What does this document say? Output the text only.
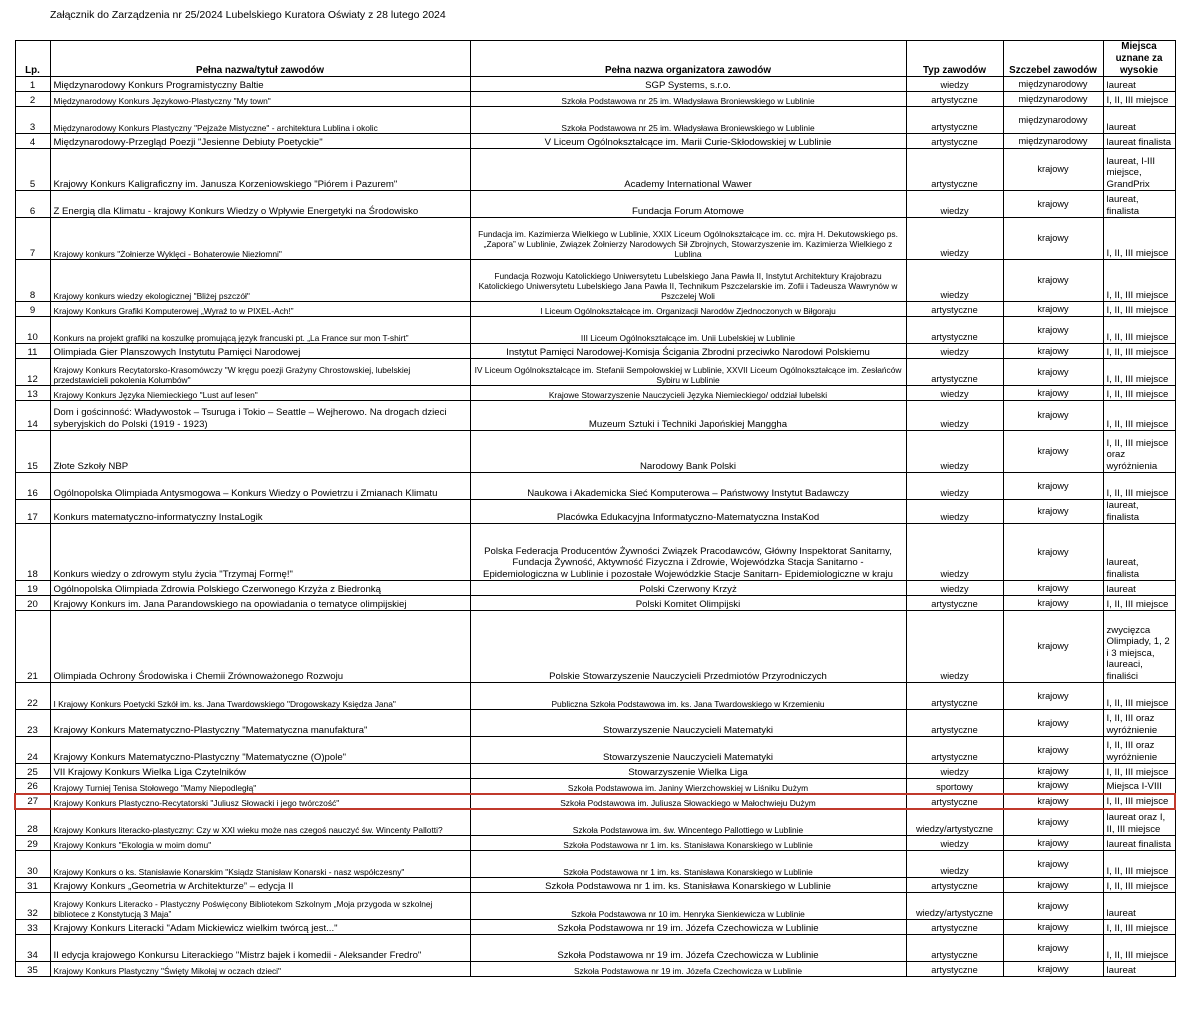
Załącznik do Zarządzenia nr 25/2024 Lubelskiego Kuratora Oświaty z 28 lutego 2024
Lp.	Pełna nazwa/tytuł zawodów	Pełna nazwa organizatora zawodów	Typ zawodów	Szczebel zawodów	Miejsca uznane za wysokie
1	Międzynarodowy Konkurs Programistyczny Baltie	SGP Systems, s.r.o.	wiedzy	międzynarodowy	laureat
2	Międzynarodowy Konkurs Językowo-Plastyczny "My town"	Szkoła Podstawowa nr 25 im. Władysława Broniewskiego w Lublinie	artystyczne	międzynarodowy	I, II, III miejsce
3	Międzynarodowy Konkurs Plastyczny "Pejzaże Mistyczne" - architektura Lublina i okolic	Szkoła Podstawowa nr 25 im. Władysława Broniewskiego w Lublinie	artystyczne	międzynarodowy	laureat
4	Międzynarodowy-Przegląd Poezji "Jesienne Debiuty Poetyckie"	V Liceum Ogólnokształcące im. Marii Curie-Skłodowskiej w Lublinie	artystyczne	międzynarodowy	laureat finalista
5	Krajowy Konkurs Kaligraficzny im. Janusza Korzeniowskiego "Piórem i Pazurem"	Academy International Wawer	artystyczne	krajowy	laureat, I-III miejsce, GrandPrix
6	Z Energią dla Klimatu - krajowy Konkurs Wiedzy o Wpływie Energetyki na Środowisko	Fundacja Forum Atomowe	wiedzy	krajowy	laureat, finalista
7	Krajowy konkurs "Żołnierze Wyklęci - Bohaterowie Niezłomni"	Fundacja im. Kazimierza Wielkiego w Lublinie, XXIX Liceum Ogólnokształcące im. cc. mjra H. Dekutowskiego ps. „Zapora” w Lublinie, Związek Żołnierzy Narodowych Sił Zbrojnych, Stowarzyszenie im. Kazimierza Wielkiego z Lublina	wiedzy	krajowy	I, II, III miejsce
8	Krajowy konkurs wiedzy ekologicznej "Bliżej pszczół"	Fundacja Rozwoju Katolickiego Uniwersytetu Lubelskiego Jana Pawła II, Instytut Architektury Krajobrazu Katolickiego Uniwersytetu Lubelskiego Jana Pawła II, Technikum Pszczelarskie im. Zofii i Tadeusza Wawrynów w Pszczelej Woli	wiedzy	krajowy	I, II, III miejsce
9	Krajowy Konkurs Grafiki Komputerowej „Wyraź to w PIXEL-Ach!”	I Liceum Ogólnokształcące im. Organizacji Narodów Zjednoczonych w Biłgoraju	artystyczne	krajowy	I, II, III miejsce
10	Konkurs na projekt grafiki na koszulkę promującą język francuski pt. „La France sur mon T-shirt”	III Liceum Ogólnokształcące im. Unii Lubelskiej w Lublinie	artystyczne	krajowy	I, II, III miejsce
11	Olimpiada Gier Planszowych Instytutu Pamięci Narodowej	Instytut Pamięci Narodowej-Komisja Ścigania Zbrodni przeciwko Narodowi Polskiemu	wiedzy	krajowy	I, II, III miejsce
12	Krajowy Konkurs Recytatorsko-Krasomówczy "W kręgu poezji Grażyny Chrostowskiej, lubelskiej przedstawicieli pokolenia Kolumbów"	IV Liceum Ogólnokształcące im. Stefanii Sempołowskiej w Lublinie, XXVII Liceum Ogólnokształcące im. Zesłańców Sybiru w Lublinie	artystyczne	krajowy	I, II, III miejsce
13	Krajowy Konkurs Języka Niemieckiego "Lust auf lesen"	Krajowe Stowarzyszenie Nauczycieli Języka Niemieckiego/ oddział lubelski	wiedzy	krajowy	I, II, III miejsce
14	Dom i gościnność: Władywostok – Tsuruga i Tokio – Seattle – Wejherowo. Na drogach dzieci syberyjskich do Polski (1919 - 1923)	Muzeum Sztuki i Techniki Japońskiej Manggha	wiedzy	krajowy	I, II, III miejsce
15	Złote Szkoły NBP	Narodowy Bank Polski	wiedzy	krajowy	I, II, III miejsce oraz wyróżnienia
16	Ogólnopolska Olimpiada Antysmogowa – Konkurs Wiedzy o Powietrzu i Zmianach Klimatu	Naukowa i Akademicka Sieć Komputerowa – Państwowy Instytut Badawczy	wiedzy	krajowy	I, II, III miejsce
17	Konkurs matematyczno-informatyczny InstaLogik	Placówka Edukacyjna Informatyczno-Matematyczna InstaKod	wiedzy	krajowy	laureat, finalista
18	Konkurs wiedzy o zdrowym stylu życia "Trzymaj Formę!"	Polska Federacja Producentów Żywności Związek Pracodawców, Główny Inspektorat Sanitarny, Fundacja Żywność, Aktywność Fizyczna i Zdrowie, Wojewódzka Stacja Sanitarno - Epidemiologiczna w Lublinie i pozostałe Wojewódzkie Stacje Sanitarn- Epidemiologiczne w kraju	wiedzy	krajowy	laureat, finalista
19	Ogólnopolska Olimpiada Zdrowia Polskiego Czerwonego Krzyża z Biedronką	Polski Czerwony Krzyż	wiedzy	krajowy	laureat
20	Krajowy Konkurs im. Jana Parandowskiego na opowiadania o tematyce olimpijskiej	Polski Komitet Olimpijski	artystyczne	krajowy	I, II, III miejsce
21	Olimpiada Ochrony Środowiska i Chemii Zrównoważonego Rozwoju	Polskie Stowarzyszenie Nauczycieli Przedmiotów Przyrodniczych	wiedzy	krajowy	zwycięzca Olimpiady, 1, 2 i 3 miejsca, laureaci, finaliści
22	I Krajowy Konkurs Poetycki Szkół im. ks. Jana Twardowskiego "Drogowskazy Księdza Jana"	Publiczna Szkoła Podstawowa im. ks. Jana Twardowskiego w Krzemieniu	artystyczne	krajowy	I, II, III miejsce
23	Krajowy Konkurs Matematyczno-Plastyczny "Matematyczna manufaktura"	Stowarzyszenie Nauczycieli Matematyki	artystyczne	krajowy	I, II, III oraz wyróżnienie
24	Krajowy Konkurs Matematyczno-Plastyczny "Matematyczne (O)pole"	Stowarzyszenie Nauczycieli Matematyki	artystyczne	krajowy	I, II, III oraz wyróżnienie
25	VII Krajowy Konkurs Wielka Liga Czytelników	Stowarzyszenie Wielka Liga	wiedzy	krajowy	I, II, III miejsce
26	Krajowy Turniej Tenisa Stołowego "Mamy Niepodległą"	Szkoła Podstawowa im. Janiny Wierzchowskiej w Liśniku Dużym	sportowy	krajowy	Miejsca I-VIII
27	Krajowy Konkurs Plastyczno-Recytatorski "Juliusz Słowacki i jego twórczość"	Szkoła Podstawowa im. Juliusza Słowackiego w Małochwieju Dużym	artystyczne	krajowy	I, II, III miejsce
28	Krajowy Konkurs literacko-plastyczny: Czy w XXI wieku może nas czegoś nauczyć św. Wincenty Pallotti?	Szkoła Podstawowa im. św. Wincentego Pallottiego w Lublinie	wiedzy/artystyczne	krajowy	laureat oraz I, II, III miejsce
29	Krajowy Konkurs "Ekologia w moim domu"	Szkoła Podstawowa nr 1 im. ks. Stanisława Konarskiego w Lublinie	wiedzy	krajowy	laureat finalista
30	Krajowy Konkurs o ks. Stanisławie Konarskim "Ksiądz Stanisław Konarski - nasz współczesny"	Szkoła Podstawowa nr 1 im. ks. Stanisława Konarskiego w Lublinie	wiedzy	krajowy	I, II, III miejsce
31	Krajowy Konkurs „Geometria w Architekturze” – edycja II	Szkoła Podstawowa nr 1 im. ks. Stanisława Konarskiego w Lublinie	artystyczne	krajowy	I, II, III miejsce
32	Krajowy Konkurs Literacko - Plastyczny Poświęcony Bibliotekom Szkolnym „Moja przygoda w szkolnej bibliotece z Konstytucją 3 Maja”	Szkoła Podstawowa nr 10 im. Henryka Sienkiewicza w Lublinie	wiedzy/artystyczne	krajowy	laureat
33	Krajowy Konkurs Literacki "Adam Mickiewicz wielkim twórcą jest..."	Szkoła Podstawowa nr 19 im. Józefa Czechowicza w Lublinie	artystyczne	krajowy	I, II, III miejsce
34	II edycja krajowego Konkursu Literackiego "Mistrz bajek i komedii - Aleksander Fredro"	Szkoła Podstawowa nr 19 im. Józefa Czechowicza w Lublinie	artystyczne	krajowy	I, II, III miejsce
35	Krajowy Konkurs Plastyczny "Święty Mikołaj w oczach dzieci"	Szkoła Podstawowa nr 19 im. Józefa Czechowicza w Lublinie	artystyczne	krajowy	laureat
